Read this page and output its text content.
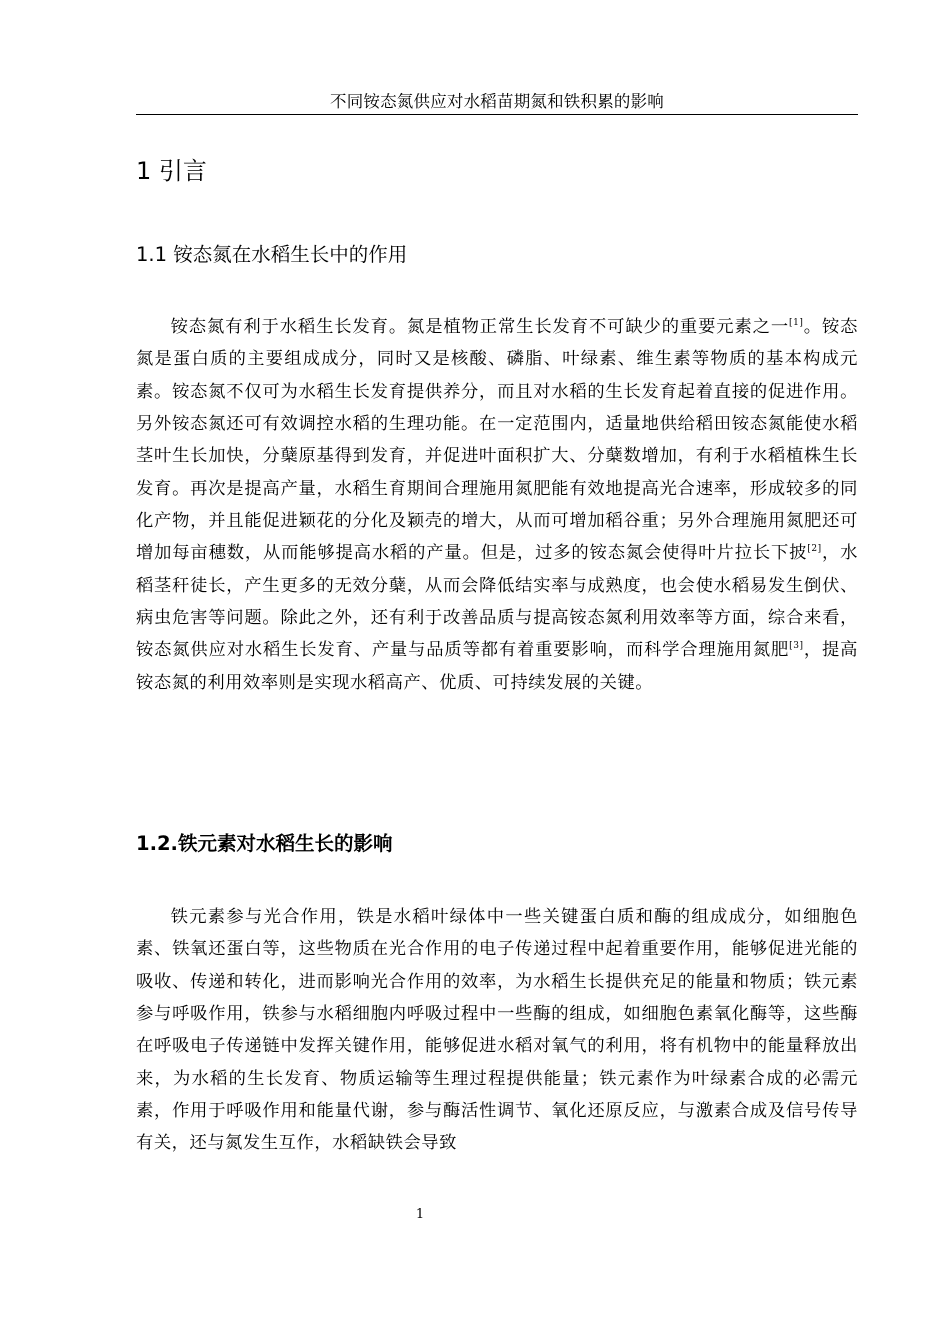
不同铵态氮供应对水稻苗期氮和铁积累的影响
1 引言
1.1 铵态氮在水稻生长中的作用

铵态氮有利于水稻生长发育。氮是植物正常生长发育不可缺少的重要元素之一[1]。铵态氮是蛋白质的主要组成成分，同时又是核酸、磷脂、叶绿素、维生素等物质的基本构成元素。铵态氮不仅可为水稻生长发育提供养分，而且对水稻的生长发育起着直接的促进作用。另外铵态氮还可有效调控水稻的生理功能。在一定范围内，适量地供给稻田铵态氮能使水稻茎叶生长加快，分蘖原基得到发育，并促进叶面积扩大、分蘖数增加，有利于水稻植株生长发育。再次是提高产量，水稻生育期间合理施用氮肥能有效地提高光合速率，形成较多的同化产物，并且能促进颖花的分化及颖壳的增大，从而可增加稻谷重；另外合理施用氮肥还可增加每亩穗数，从而能够提高水稻的产量。但是，过多的铵态氮会使得叶片拉长下披[2]，水稻茎秆徒长，产生更多的无效分蘖，从而会降低结实率与成熟度，也会使水稻易发生倒伏、病虫危害等问题。除此之外，还有利于改善品质与提高铵态氮利用效率等方面，综合来看，铵态氮供应对水稻生长发育、产量与品质等都有着重要影响，而科学合理施用氮肥[3]，提高铵态氮的利用效率则是实现水稻高产、优质、可持续发展的关键。

1.2.铁元素对水稻生长的影响

铁元素参与光合作用，铁是水稻叶绿体中一些关键蛋白质和酶的组成成分，如细胞色素、铁氧还蛋白等，这些物质在光合作用的电子传递过程中起着重要作用，能够促进光能的吸收、传递和转化，进而影响光合作用的效率，为水稻生长提供充足的能量和物质；铁元素参与呼吸作用，铁参与水稻细胞内呼吸过程中一些酶的组成，如细胞色素氧化酶等，这些酶在呼吸电子传递链中发挥关键作用，能够促进水稻对氧气的利用，将有机物中的能量释放出来，为水稻的生长发育、物质运输等生理过程提供能量；铁元素作为叶绿素合成的必需元素，作用于呼吸作用和能量代谢，参与酶活性调节、氧化还原反应，与激素合成及信号传导有关，还与氮发生互作，水稻缺铁会导致

1
